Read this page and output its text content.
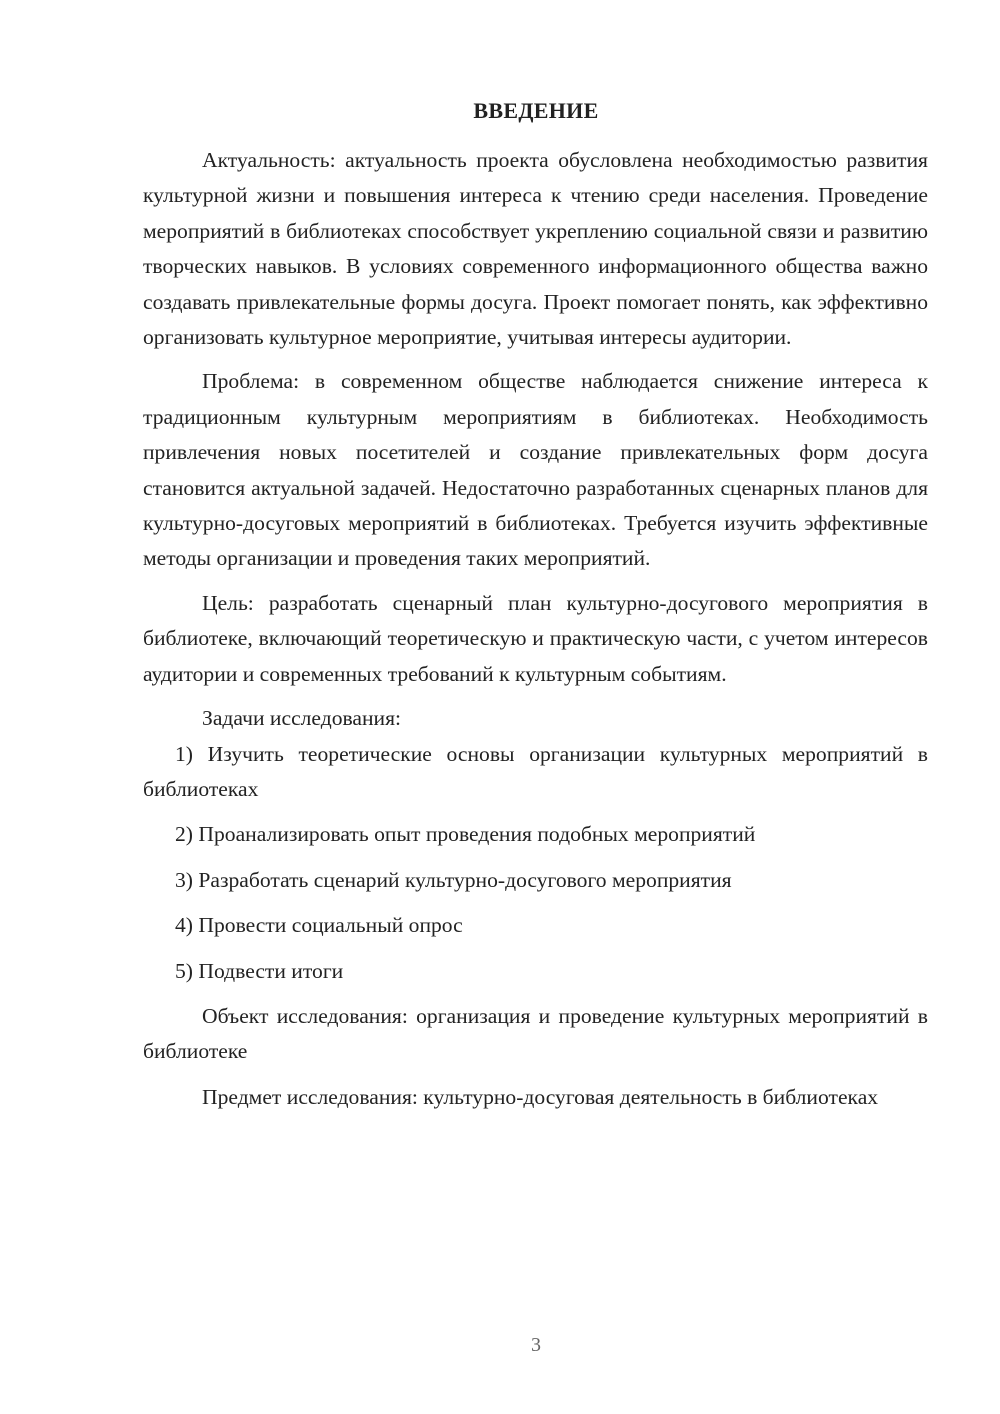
ВВЕДЕНИЕ

Актуальность: актуальность проекта обусловлена необходимостью развития культурной жизни и повышения интереса к чтению среди населения. Проведение мероприятий в библиотеках способствует укреплению социальной связи и развитию творческих навыков. В условиях современного информационного общества важно создавать привлекательные формы досуга. Проект помогает понять, как эффективно организовать культурное мероприятие, учитывая интересы аудитории.

Проблема: в современном обществе наблюдается снижение интереса к традиционным культурным мероприятиям в библиотеках. Необходимость привлечения новых посетителей и создание привлекательных форм досуга становится актуальной задачей. Недостаточно разработанных сценарных планов для культурно-досуговых мероприятий в библиотеках. Требуется изучить эффективные методы организации и проведения таких мероприятий.

Цель: разработать сценарный план культурно-досугового мероприятия в библиотеке, включающий теоретическую и практическую части, с учетом интересов аудитории и современных требований к культурным событиям.

Задачи исследования:

1) Изучить теоретические основы организации культурных мероприятий в библиотеках

2) Проанализировать опыт проведения подобных мероприятий

3) Разработать сценарий культурно-досугового мероприятия

4) Провести социальный опрос

5) Подвести итоги

Объект исследования: организация и проведение культурных мероприятий в библиотеке

Предмет исследования: культурно-досуговая деятельность в библиотеках

3
